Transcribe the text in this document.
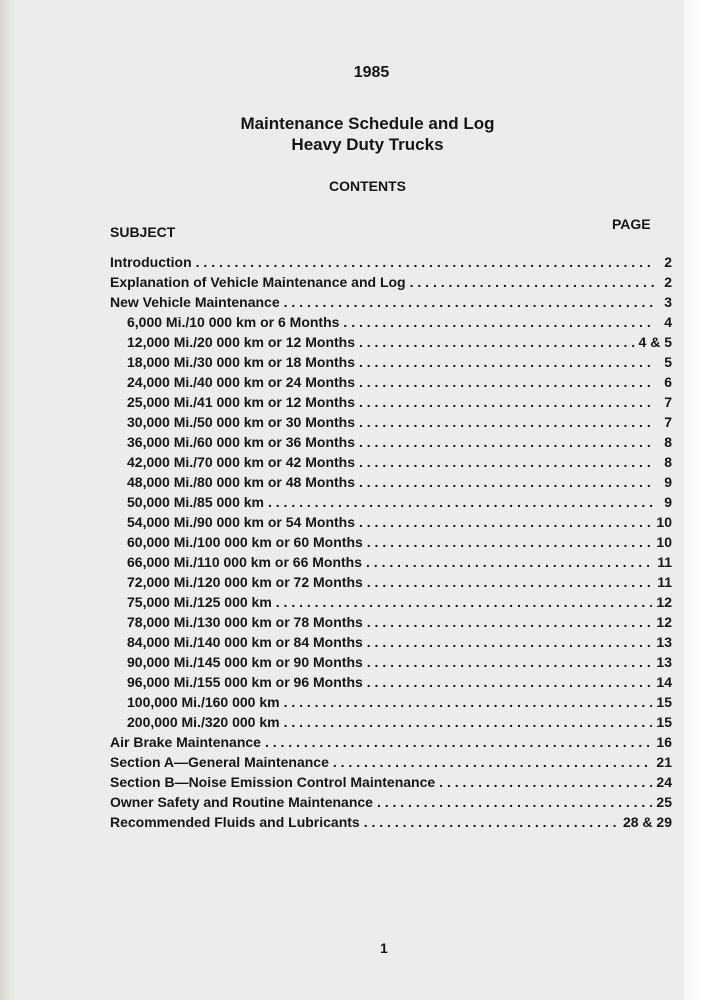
1985
Maintenance Schedule and Log
Heavy Duty Trucks
CONTENTS

SUBJECT	PAGE

Introduction . . .	2
Explanation of Vehicle Maintenance and Log . . .	2
New Vehicle Maintenance . . .	3
6,000 Mi./10 000 km or 6 Months . . .	4
12,000 Mi./20 000 km or 12 Months . . .	4 & 5
18,000 Mi./30 000 km or 18 Months . . .	5
24,000 Mi./40 000 km or 24 Months . . .	6
25,000 Mi./41 000 km or 12 Months . . .	7
30,000 Mi./50 000 km or 30 Months . . .	7
36,000 Mi./60 000 km or 36 Months . . .	8
42,000 Mi./70 000 km or 42 Months . . .	8
48,000 Mi./80 000 km or 48 Months . . .	9
50,000 Mi./85 000 km . . .	9
54,000 Mi./90 000 km or 54 Months . . .	10
60,000 Mi./100 000 km or 60 Months . . .	10
66,000 Mi./110 000 km or 66 Months . . .	11
72,000 Mi./120 000 km or 72 Months . . .	11
75,000 Mi./125 000 km . . .	12
78,000 Mi./130 000 km or 78 Months . . .	12
84,000 Mi./140 000 km or 84 Months . . .	13
90,000 Mi./145 000 km or 90 Months . . .	13
96,000 Mi./155 000 km or 96 Months . . .	14
100,000 Mi./160 000 km . . .	15
200,000 Mi./320 000 km . . .	15
Air Brake Maintenance . . .	16
Section A—General Maintenance . . .	21
Section B—Noise Emission Control Maintenance . . .	24
Owner Safety and Routine Maintenance . . .	25
Recommended Fluids and Lubricants . . .	28 & 29

1
